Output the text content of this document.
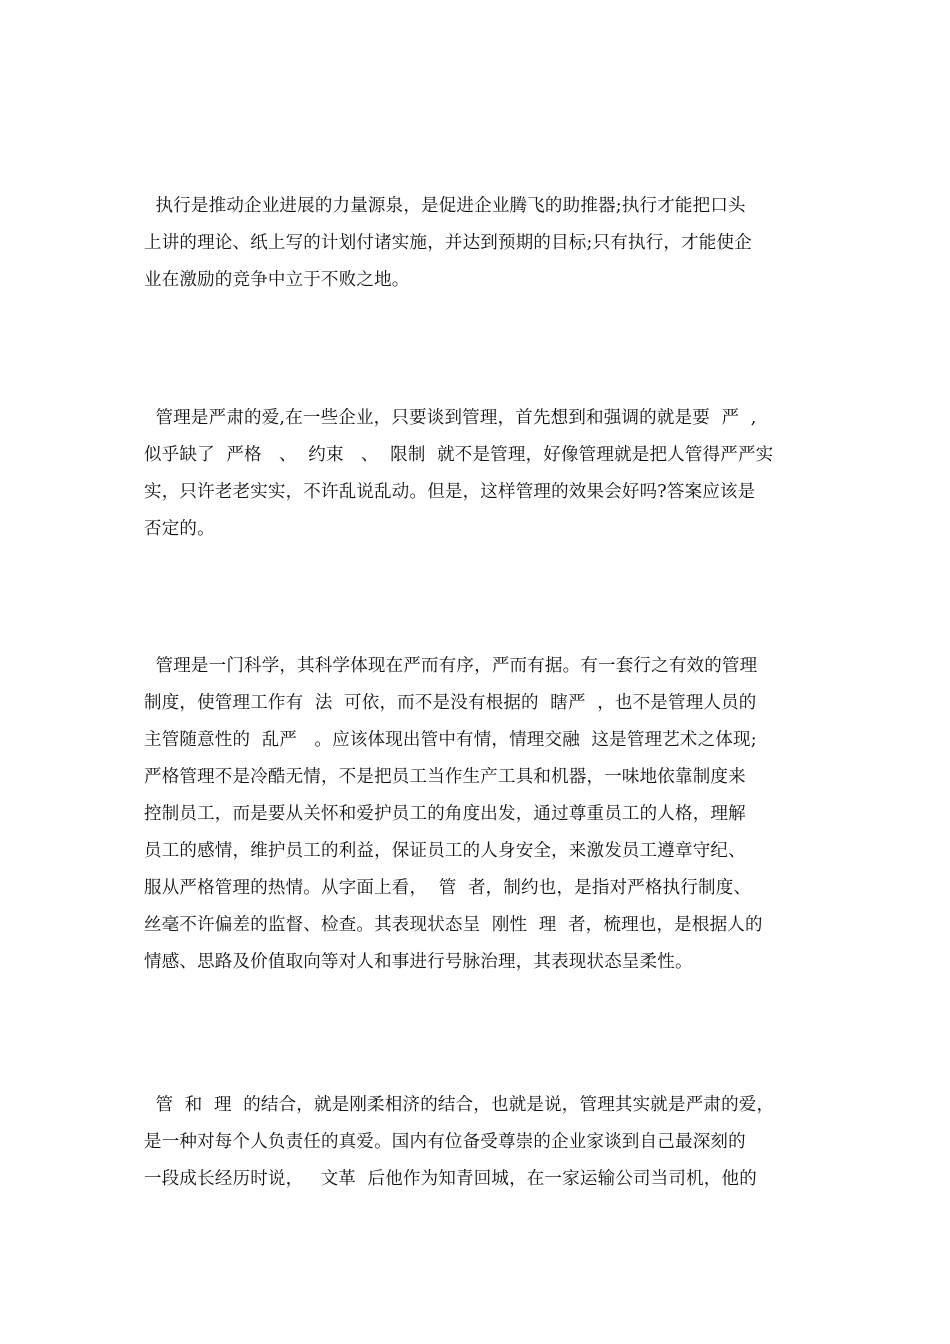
执行是推动企业进展的力量源泉，是促进企业腾飞的助推器;执行才能把口头
上讲的理论、纸上写的计划付诸实施，并达到预期的目标;只有执行，才能使企
业在激励的竞争中立于不败之地。

管理是严肃的爱,在一些企业，只要谈到管理，首先想到和强调的就是要  严  ,
似乎缺了  严格   、  约束   、  限制  就不是管理，好像管理就是把人管得严严实
实，只许老老实实，不许乱说乱动。但是，这样管理的效果会好吗?答案应该是
否定的。

管理是一门科学，其科学体现在严而有序，严而有据。有一套行之有效的管理
制度，使管理工作有  法  可依，而不是没有根据的  瞎严  ，也不是管理人员的
主管随意性的  乱严   。应该体现出管中有情，情理交融  这是管理艺术之体现;
严格管理不是冷酷无情，不是把员工当作生产工具和机器，一味地依靠制度来
控制员工，而是要从关怀和爱护员工的角度出发，通过尊重员工的人格，理解
员工的感情，维护员工的利益，保证员工的人身安全，来激发员工遵章守纪、
服从严格管理的热情。从字面上看，  管  者，制约也，是指对严格执行制度、
丝毫不许偏差的监督、检查。其表现状态呈  刚性  理  者，梳理也，是根据人的
情感、思路及价值取向等对人和事进行号脉治理，其表现状态呈柔性。

管  和  理  的结合，就是刚柔相济的结合，也就是说，管理其实就是严肃的爱，
是一种对每个人负责任的真爱。国内有位备受尊崇的企业家谈到自己最深刻的
一段成长经历时说，   文革  后他作为知青回城，在一家运输公司当司机，他的
